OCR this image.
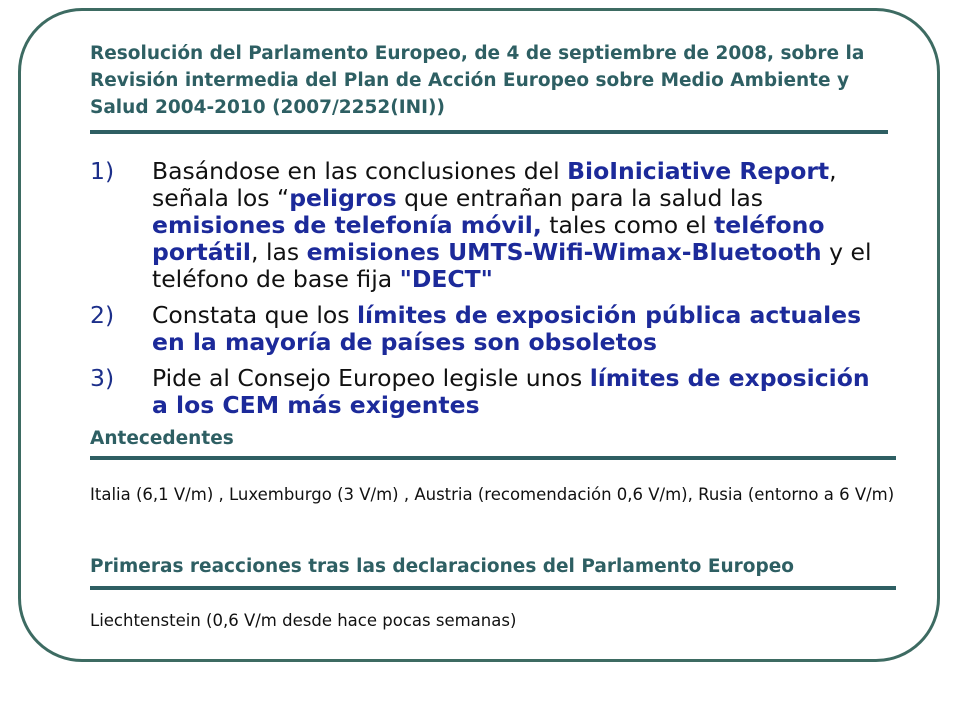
Resolución del Parlamento Europeo, de 4 de septiembre de 2008, sobre la Revisión intermedia del Plan de Acción Europeo sobre Medio Ambiente y Salud 2004-2010 (2007/2252(INI))
1) Basándose en las conclusiones del BioIniciative Report, señala los “peligros que entrañan para la salud las emisiones de telefonía móvil, tales como el teléfono portátil, las emisiones UMTS-Wifi-Wimax-Bluetooth y el teléfono de base fija "DECT"
2) Constata que los límites de exposición pública actuales en la mayoría de países son obsoletos
3) Pide al Consejo Europeo legisle unos límites de exposición a los CEM más exigentes
Antecedentes
Italia (6,1 V/m) , Luxemburgo (3 V/m) , Austria (recomendación 0,6 V/m), Rusia (entorno a 6 V/m)
Primeras reacciones tras las declaraciones del Parlamento Europeo
Liechtenstein (0,6 V/m desde hace pocas semanas)
